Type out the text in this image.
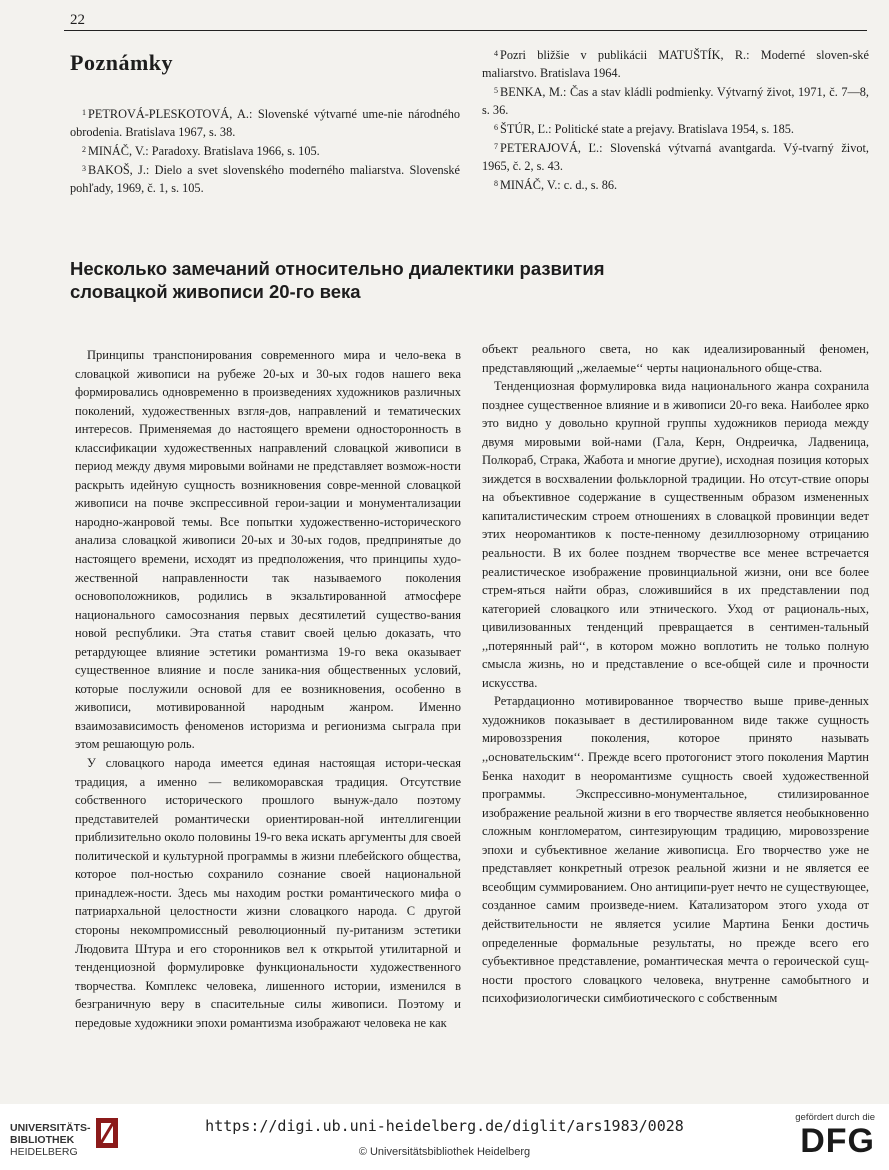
22
Poznámky

$^1$ PETROVÁ-PLESKOTOVÁ, A.: Slovenské výtvarné ume-nie národného obrodenia. Bratislava 1967, s. 38.

$^2$ MINÁČ, V.: Paradoxy. Bratislava 1966, s. 105.

$^3$ BAKOŠ, J.: Dielo a svet slovenského moderného maliarstva. Slovenské pohľady, 1969, č. 1, s. 105.

$^4$ Pozri bližšie v publikácii MATUŠTÍK, R.: Moderné sloven-ské maliarstvo. Bratislava 1964.

$^5$ BENKA, M.: Čas a stav kládli podmienky. Výtvarný život, 1971, č. 7—8, s. 36.

$^6$ ŠTÚR, Ľ.: Politické state a prejavy. Bratislava 1954, s. 185.

$^7$ PETERAJOVÁ, Ľ.: Slovenská výtvarná avantgarda. Vý-tvarný život, 1965, č. 2, s. 43.

$^8$ MINÁČ, V.: c. d., s. 86.

Несколько замечаний относительно диалектики развития
словацкой живописи 20-го века

Принципы транспонирования современного мира и чело-века в словацкой живописи на рубеже 20-ых и 30-ых годов нашего века формировались одновременно в произведениях художников различных поколений, художественных взгля-дов, направлений и тематических интересов. Применяемая до настоящего времени односторонность в классификации художественных направлений словацкой живописи в период между двумя мировыми войнами не представляет возмож-ности раскрыть идейную сущность возникновения совре-менной словацкой живописи на почве экспрессивной герои-зации и монументализации народно-жанровой темы. Все попытки художественно-исторического анализа словацкой живописи 20-ых и 30-ых годов, предпринятые до настоящего времени, исходят из предположения, что принципы худо-жественной направленности так называемого поколения основоположников, родились в экзальтированной атмосфере национального самосознания первых десятилетий существо-вания новой республики. Эта статья ставит своей целью доказать, что ретардующее влияние эстетики романтизма 19-го века оказывает существенное влияние и после заника-ния общественных условий, которые послужили основой для ее возникновения, особенно в живописи, мотивированной народным жанром. Именно взаимозависимость феноменов историзма и регионизма сыграла при этом решающую роль.

У словацкого народа имеется единая настоящая истори-ческая традиция, а именно — великоморавская традиция. Отсутствие собственного исторического прошлого вынуж-дало поэтому представителей романтически ориентирован-ной интеллигенции приблизительно около половины 19-го века искать аргументы для своей политической и культурной программы в жизни плебейского общества, которое пол-ностью сохранило сознание своей национальной принадлеж-ности. Здесь мы находим ростки романтического мифа о патриархальной целостности жизни словацкого народа. С другой стороны некомпромиссный революционный пу-ританизм эстетики Людовита Штура и его сторонников вел к открытой утилитарной и тенденциозной формулировке функциональности художественного творчества. Комплекс человека, лишенного истории, изменился в безграничную веру в спасительные силы живописи. Поэтому и передовые художники эпохи романтизма изображают человека не как

объект реального света, но как идеализированный феномен, представляющий ,,желаемые‘‘ черты национального обще-ства.

Тенденциозная формулировка вида национального жанра сохранила позднее существенное влияние и в живописи 20-го века. Наиболее ярко это видно у довольно крупной группы художников периода между двумя мировыми вой-нами (Гала, Керн, Ондреичка, Ладвеница, Полкораб, Страка, Жабота и многие другие), исходная позиция которых зиждется в восхвалении фольклорной традиции. Но отсут-ствие опоры на объективное содержание в существенным образом измененных капиталистическим строем отношениях в словацкой провинции ведет этих неоромантиков к посте-пенному дезиллюзорному отрицанию реальности. В их более позднем творчестве все менее встречается реалистическое изображение провинциальной жизни, они все более стрем-яться найти образ, сложившийся в их представлении под категорией словацкого или этнического. Уход от рациональ-ных, цивилизованных тенденций превращается в сентимен-тальный ,,потерянный рай‘‘, в котором можно воплотить не только полную смысла жизнь, но и представление о все-общей силе и прочности искусства.

Ретардационно мотивированное творчество выше приве-денных художников показывает в дестилированном виде также сущность мировоззрения поколения, которое принято называть ,,основательским‘‘. Прежде всего протогонист этого поколения Мартин Бенка находит в неоромантизме сущность своей художественной программы. Экспрессивно-монументальное, стилизированное изображение реальной жизни в его творчестве является необыкновенно сложным конгломератом, синтезирующим традицию, мировоззрение эпохи и субъективное желание живописца. Его творчество уже не представляет конкретный отрезок реальной жизни и не является ее всеобщим суммированием. Оно антиципи-рует нечто не существующее, созданное самим произведе-нием. Катализатором этого ухода от действительности не является усилие Мартина Бенки достичь определенные формальные результаты, но прежде всего его субъективное представление, романтическая мечта о героической сущ-ности простого словацкого человека, внутренне самобытного и психофизиологически симбиотического с собственным

UNIVERSITÄTS-
BIBLIOTHEK
HEIDELBERG
https://digi.ub.uni-heidelberg.de/diglit/ars1983/0028
© Universitätsbibliothek Heidelberg
gefördert durch die
DFG
